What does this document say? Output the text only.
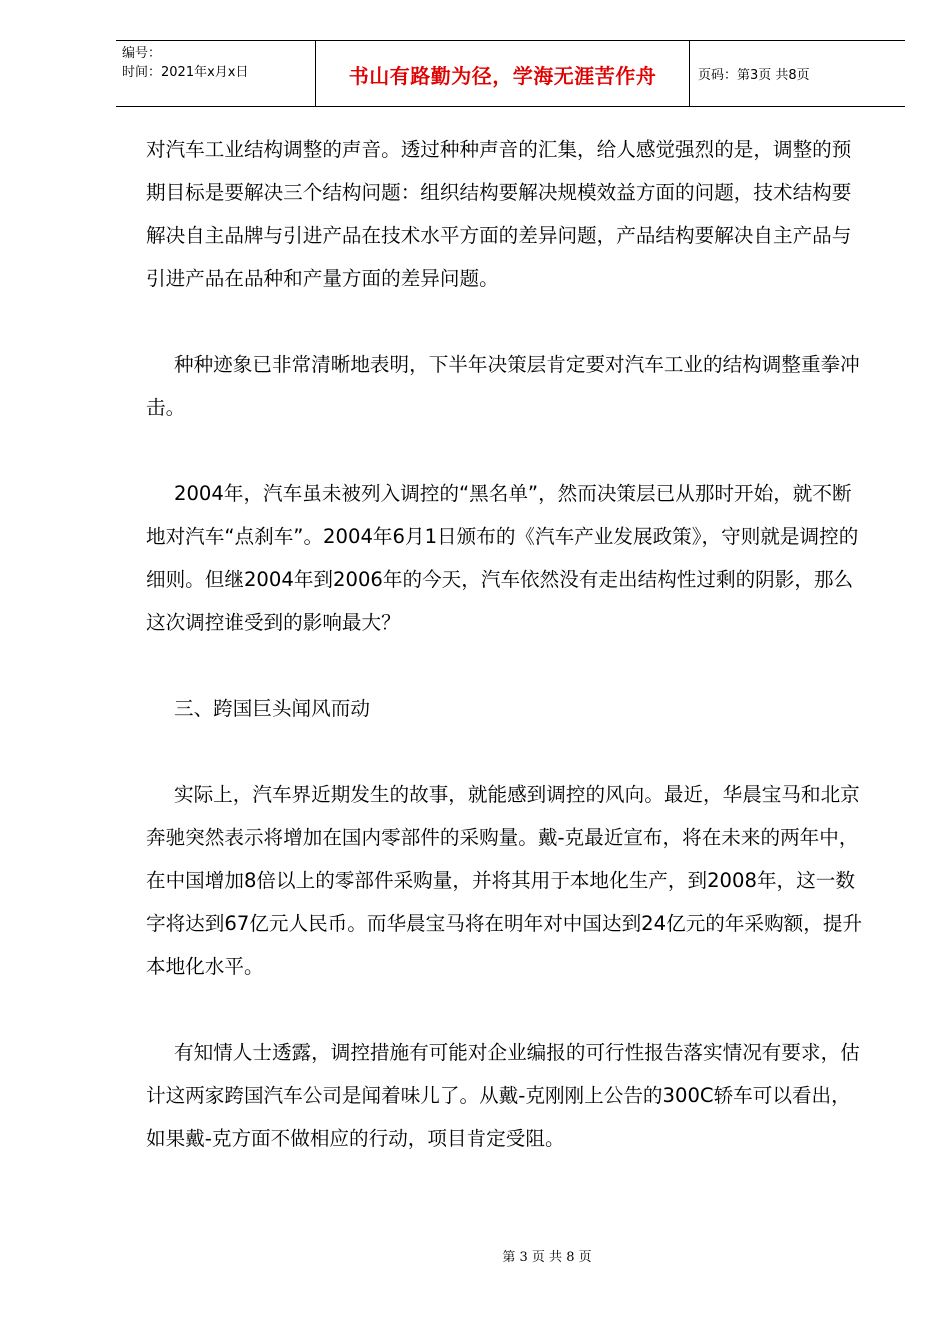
编号：
时间：2021年x月x日	书山有路勤为径，学海无涯苦作舟	页码：第3页 共8页

对汽车工业结构调整的声音。透过种种声音的汇集，给人感觉强烈的是，调整的预期目标是要解决三个结构问题：组织结构要解决规模效益方面的问题，技术结构要解决自主品牌与引进产品在技术水平方面的差异问题，产品结构要解决自主产品与引进产品在品种和产量方面的差异问题。

种种迹象已非常清晰地表明，下半年决策层肯定要对汽车工业的结构调整重拳冲击。

2004年，汽车虽未被列入调控的“黑名单”，然而决策层已从那时开始，就不断地对汽车“点刹车”。2004年6月1日颁布的《汽车产业发展政策》，守则就是调控的细则。但继2004年到2006年的今天，汽车依然没有走出结构性过剩的阴影，那么这次调控谁受到的影响最大？

三、跨国巨头闻风而动

实际上，汽车界近期发生的故事，就能感到调控的风向。最近，华晨宝马和北京奔驰突然表示将增加在国内零部件的采购量。戴-克最近宣布，将在未来的两年中，在中国增加8倍以上的零部件采购量，并将其用于本地化生产，到2008年，这一数字将达到67亿元人民币。而华晨宝马将在明年对中国达到24亿元的年采购额，提升本地化水平。

有知情人士透露，调控措施有可能对企业编报的可行性报告落实情况有要求，估计这两家跨国汽车公司是闻着味儿了。从戴-克刚刚上公告的300C轿车可以看出，如果戴-克方面不做相应的行动，项目肯定受阻。

第 3 页 共 8 页
